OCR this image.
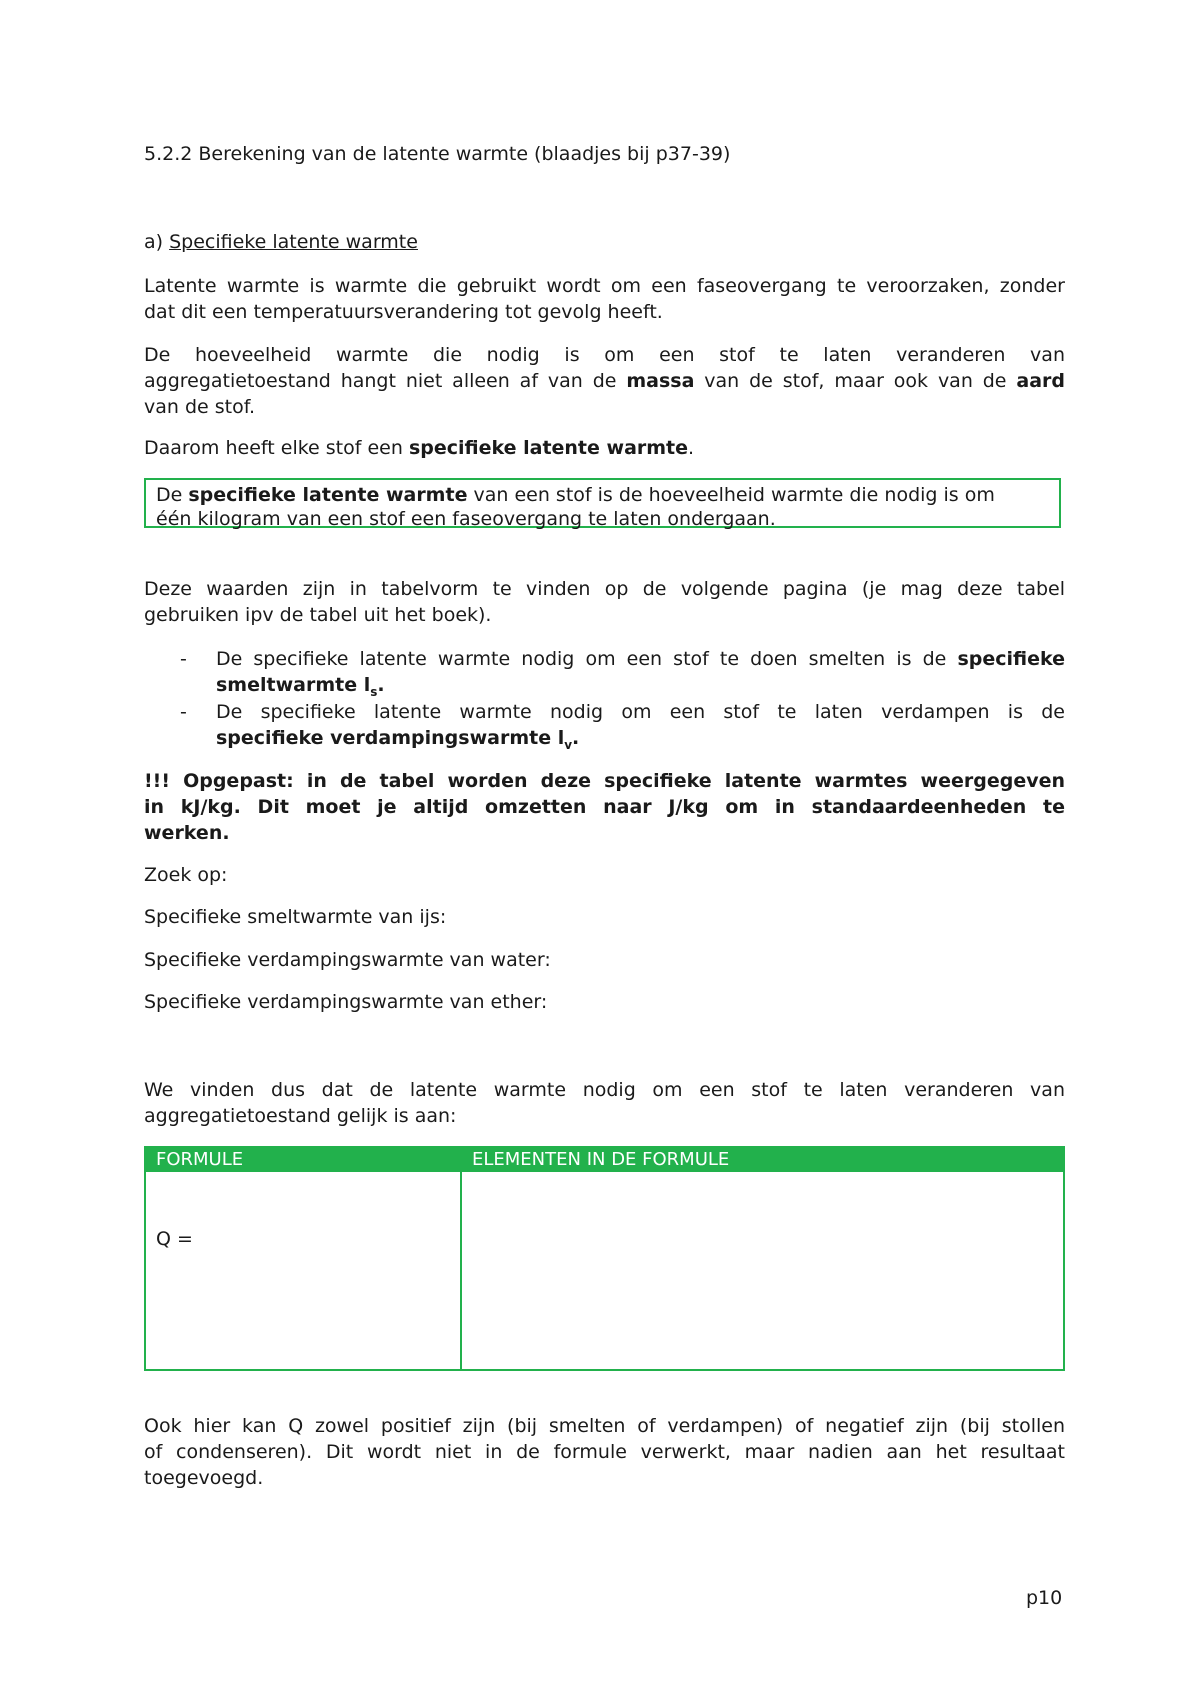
5.2.2 Berekening van de latente warmte (blaadjes bij p37-39)

a) Specifieke latente warmte

Latente warmte is warmte die gebruikt wordt om een faseovergang te veroorzaken, zonder
dat dit een temperatuursverandering tot gevolg heeft.
De hoeveelheid warmte die nodig is om een stof te laten veranderen van
aggregatietoestand hangt niet alleen af van de massa van de stof, maar ook van de aard
van de stof.

Daarom heeft elke stof een specifieke latente warmte.

De specifieke latente warmte van een stof is de hoeveelheid warmte die nodig is om
één kilogram van een stof een faseovergang te laten ondergaan.
Deze waarden zijn in tabelvorm te vinden op de volgende pagina (je mag deze tabel
gebruiken ipv de tabel uit het boek).
- De specifieke latente warmte nodig om een stof te doen smelten is de specifieke
smeltwarmte $l_s$.
- De specifieke latente warmte nodig om een stof te laten verdampen is de
specifieke verdampingswarmte $l_v$.
!!! Opgepast: in de tabel worden deze specifieke latente warmtes weergegeven
in kJ/kg. Dit moet je altijd omzetten naar J/kg om in standaardeenheden te
werken.

Zoek op:

Specifieke smeltwarmte van ijs:

Specifieke verdampingswarmte van water:

Specifieke verdampingswarmte van ether:

We vinden dus dat de latente warmte nodig om een stof te laten veranderen van
aggregatietoestand gelijk is aan:
FORMULE	ELEMENTEN IN DE FORMULE
Q =
Ook hier kan Q zowel positief zijn (bij smelten of verdampen) of negatief zijn (bij stollen
of condenseren). Dit wordt niet in de formule verwerkt, maar nadien aan het resultaat
toegevoegd.
p10
